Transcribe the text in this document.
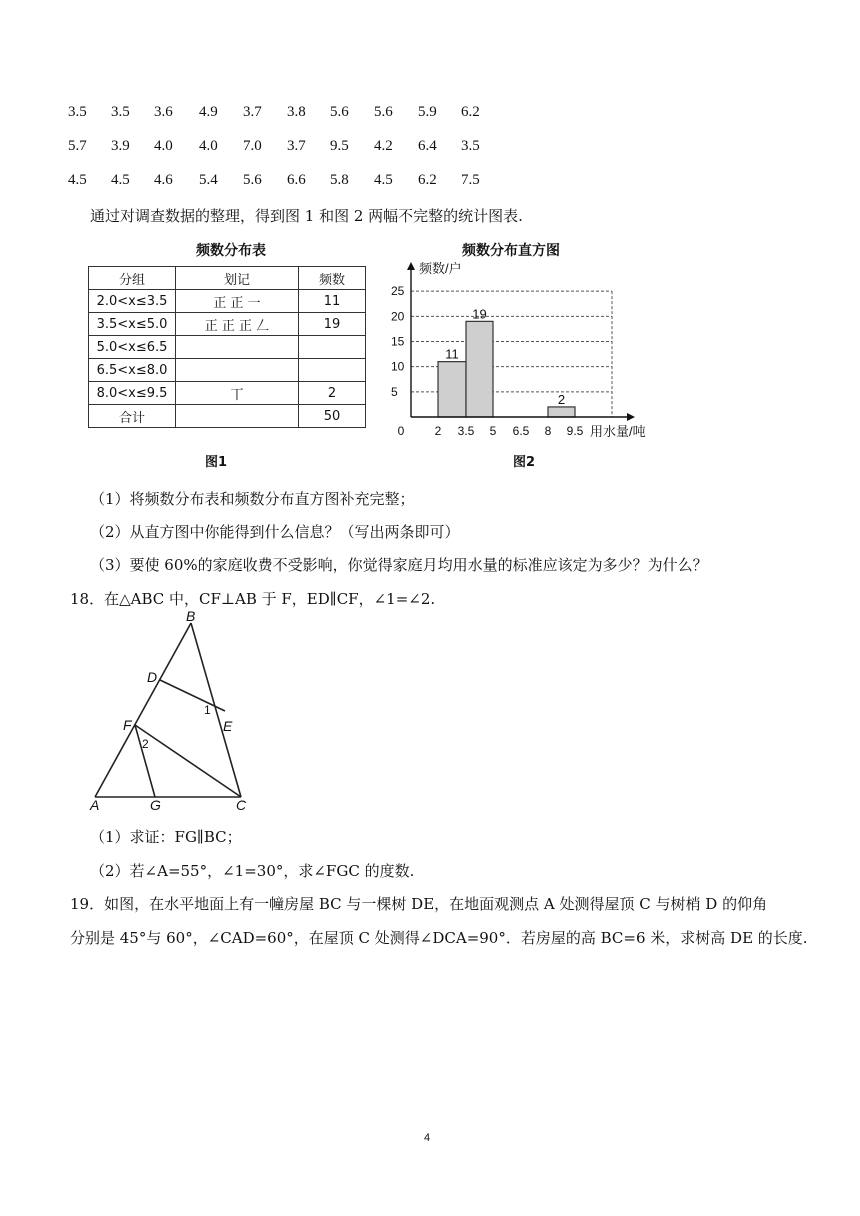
3.5 3.5 3.6 4.9 3.7 3.8 5.6 5.6 5.9 6.2
5.7 3.9 4.0 4.0 7.0 3.7 9.5 4.2 6.4 3.5
4.5 4.5 4.6 5.4 5.6 6.6 5.8 4.5 6.2 7.5
通过对调查数据的整理，得到图 1 和图 2 两幅不完整的统计图表.
频数分布表
分组	划记	频数
2.0<x≤3.5	正 正 一	11
3.5<x≤5.0	正 正 正 𠃋	19
5.0<x≤6.5		
6.5<x≤8.0		
8.0<x≤9.5	丅	2
合计		50
图1
频数分布直方图
5
10
15
20
25
11
19
2
0	2 3.5 5 6.5 8 9.5
频数/户
用水量/吨
图2
（1）将频数分布表和频数分布直方图补充完整；
（2）从直方图中你能得到什么信息？（写出两条即可）
（3）要使 60%的家庭收费不受影响，你觉得家庭月均用水量的标准应该定为多少？为什么？
18．在△ABC 中，CF⊥AB 于 F，ED∥CF，∠1=∠2.
B
D
E
F
A	G	C
1
2
（1）求证：FG∥BC；
（2）若∠A=55°，∠1=30°，求∠FGC 的度数.
19．如图，在水平地面上有一幢房屋 BC 与一棵树 DE，在地面观测点 A 处测得屋顶 C 与树梢 D 的仰角
分别是 45°与 60°，∠CAD=60°，在屋顶 C 处测得∠DCA=90°．若房屋的高 BC=6 米，求树高 DE 的长度.
4
